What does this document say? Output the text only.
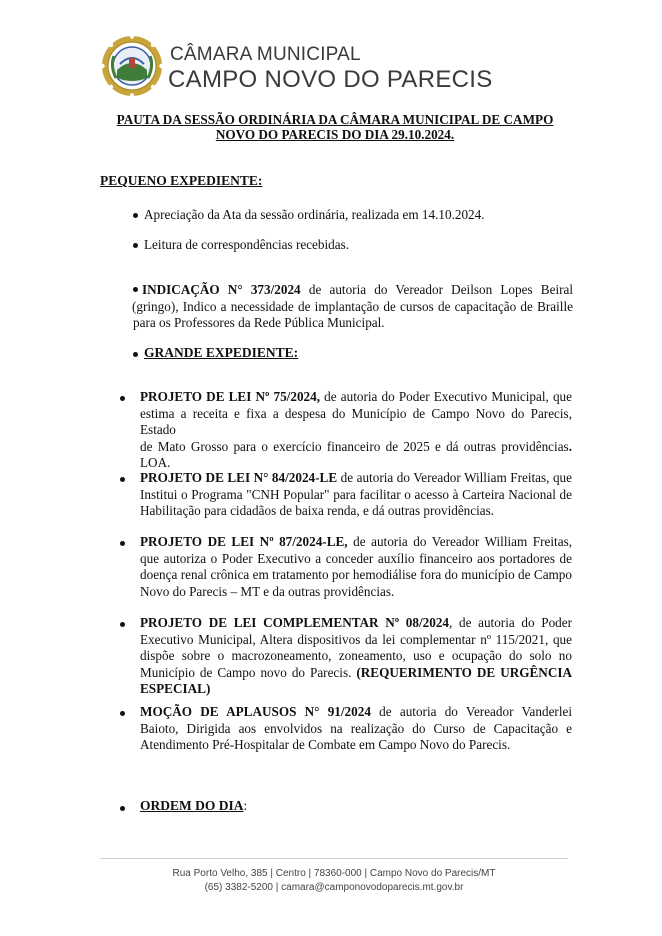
CÂMARA MUNICIPAL
CAMPO NOVO DO PARECIS
PAUTA DA SESSÃO ORDINÁRIA DA CÂMARA MUNICIPAL DE CAMPO
NOVO DO PARECIS DO DIA 29.10.2024.
PEQUENO EXPEDIENTE:
Apreciação da Ata da sessão ordinária, realizada em 14.10.2024.
Leitura de correspondências recebidas.
INDICAÇÃO N° 373/2024 de autoria do Vereador Deilson Lopes Beiral
(gringo), Indico a necessidade de implantação de cursos de capacitação de Braille
para os Professores da Rede Pública Municipal.
GRANDE EXPEDIENTE:
PROJETO DE LEI Nº 75/2024, de autoria do Poder Executivo Municipal, que
estima a receita e fixa a despesa do Município de Campo Novo do Parecis, Estado
de Mato Grosso para o exercício financeiro de 2025 e dá outras providências.
LOA.
PROJETO DE LEI N° 84/2024-LE de autoria do Vereador William Freitas, que
Institui o Programa "CNH Popular" para facilitar o acesso à Carteira Nacional de
Habilitação para cidadãos de baixa renda, e dá outras providências.
PROJETO DE LEI Nº 87/2024-LE, de autoria do Vereador William Freitas,
que autoriza o Poder Executivo a conceder auxílio financeiro aos portadores de
doença renal crônica em tratamento por hemodiálise fora do município de Campo
Novo do Parecis – MT e da outras providências.
PROJETO DE LEI COMPLEMENTAR Nº 08/2024, de autoria do Poder
Executivo Municipal, Altera dispositivos da lei complementar nº 115/2021, que
dispõe sobre o macrozoneamento, zoneamento, uso e ocupação do solo no
Município de Campo novo do Parecis. (REQUERIMENTO DE URGÊNCIA
ESPECIAL)
MOÇÃO DE APLAUSOS N° 91/2024 de autoria do Vereador Vanderlei
Baioto, Dirigida aos envolvidos na realização do Curso de Capacitação e
Atendimento Pré-Hospitalar de Combate em Campo Novo do Parecis.
ORDEM DO DIA:
Rua Porto Velho, 385 | Centro | 78360-000 | Campo Novo do Parecis/MT
(65) 3382-5200 | camara@camponovodoparecis.mt.gov.br
